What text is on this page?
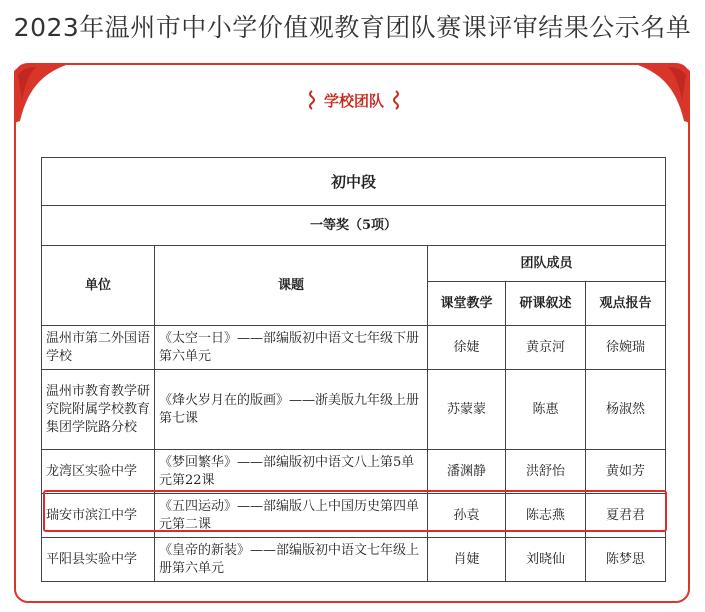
2023年温州市中小学价值观教育团队赛课评审结果公示名单
学校团队
初中段				
一等奖（5项）				
单位	课题	团队成员		
		课堂教学	研课叙述	观点报告
温州市第二外国语学校	《太空一日》——部编版初中语文七年级下册第六单元	徐婕	黄京河	徐婉瑞
温州市教育教学研究院附属学校教育集团学院路分校	《烽火岁月在的版画》——浙美版九年级上册第七课	苏蒙蒙	陈惠	杨淑然
龙湾区实验中学	《梦回繁华》——部编版初中语文八上第5单元第22课	潘渊静	洪舒怡	黄如芳
瑞安市滨江中学	《五四运动》——部编版八上中国历史第四单元第二课	孙袁	陈志燕	夏君君
平阳县实验中学	《皇帝的新装》——部编版初中语文七年级上册第六单元	肖婕	刘晓仙	陈梦思
